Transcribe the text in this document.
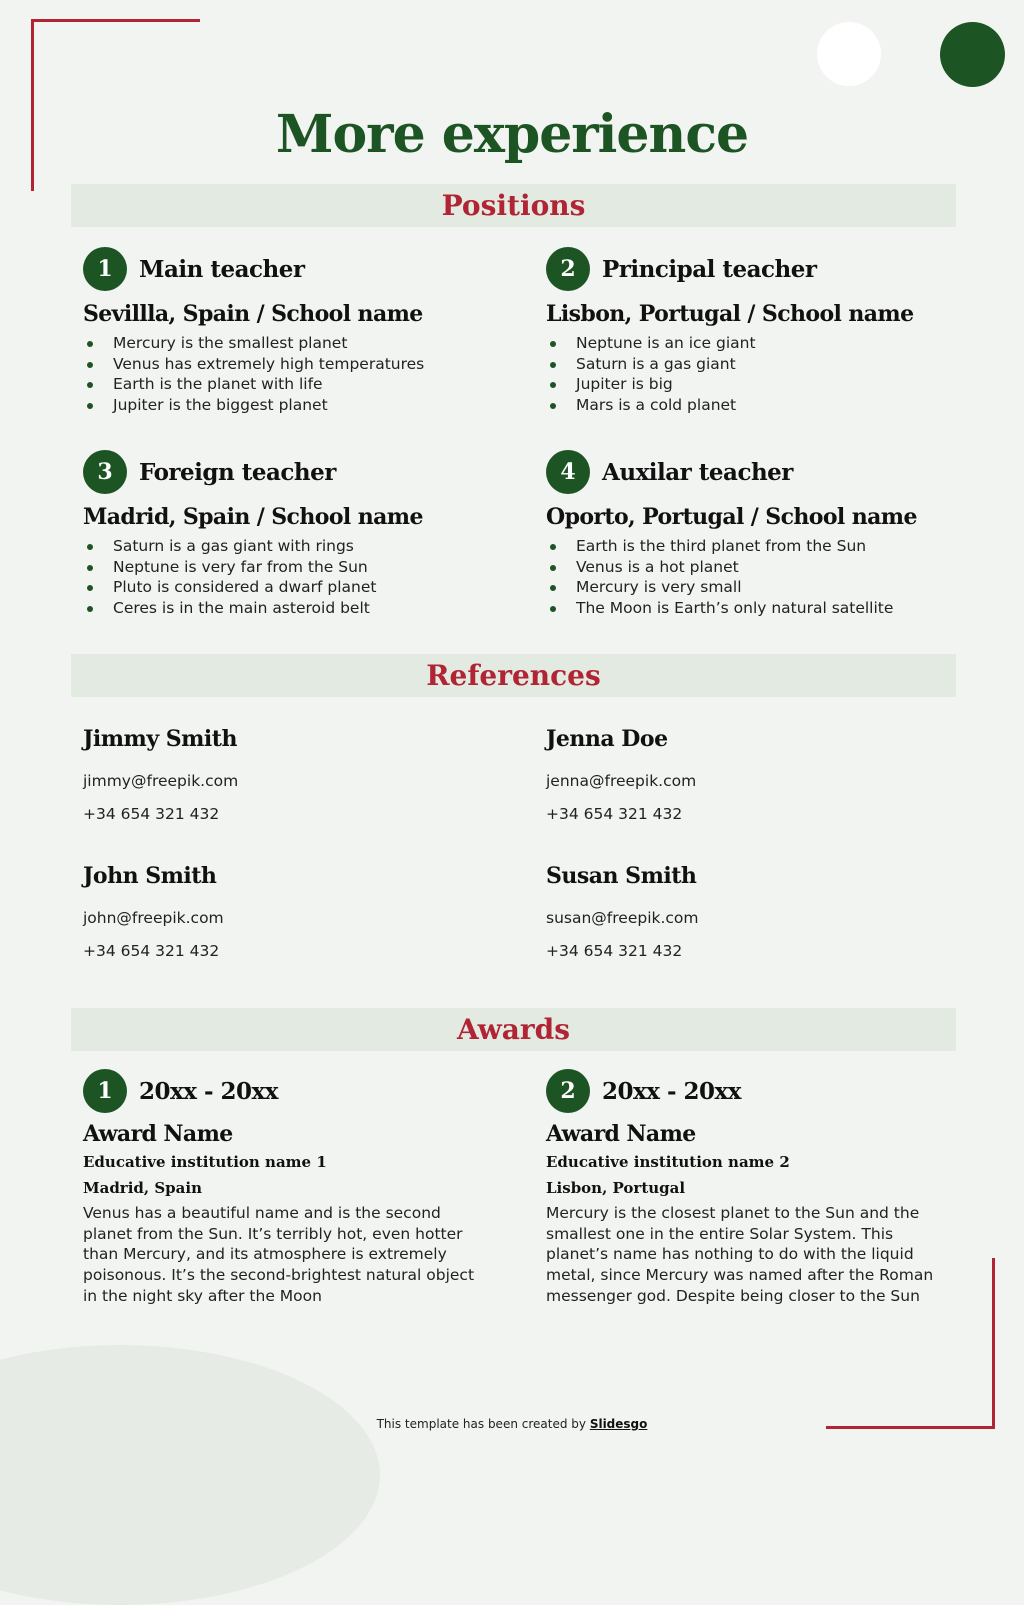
More experience
Positions
1	Main teacher
Sevillla, Spain / School name
Mercury is the smallest planet
Venus has extremely high temperatures
Earth is the planet with life
Jupiter is the biggest planet
2	Principal teacher
Lisbon, Portugal / School name
Neptune is an ice giant
Saturn is a gas giant
Jupiter is big
Mars is a cold planet
3	Foreign teacher
Madrid, Spain / School name
Saturn is a gas giant with rings
Neptune is very far from the Sun
Pluto is considered a dwarf planet
Ceres is in the main asteroid belt
4	Auxilar teacher
Oporto, Portugal / School name
Earth is the third planet from the Sun
Venus is a hot planet
Mercury is very small
The Moon is Earth’s only natural satellite
References
Jimmy Smith
jimmy@freepik.com
+34 654 321 432
Jenna Doe
jenna@freepik.com
+34 654 321 432
John Smith
john@freepik.com
+34 654 321 432
Susan Smith
susan@freepik.com
+34 654 321 432
Awards
1	20xx - 20xx
Award Name
Educative institution name 1
Madrid, Spain
Venus has a beautiful name and is the second planet from the Sun. It’s terribly hot, even hotter than Mercury, and its atmosphere is extremely poisonous. It’s the second-brightest natural object in the night sky after the Moon
2	20xx - 20xx
Award Name
Educative institution name 2
Lisbon, Portugal
Mercury is the closest planet to the Sun and the smallest one in the entire Solar System. This planet’s name has nothing to do with the liquid metal, since Mercury was named after the Roman messenger god. Despite being closer to the Sun
This template has been created by Slidesgo
